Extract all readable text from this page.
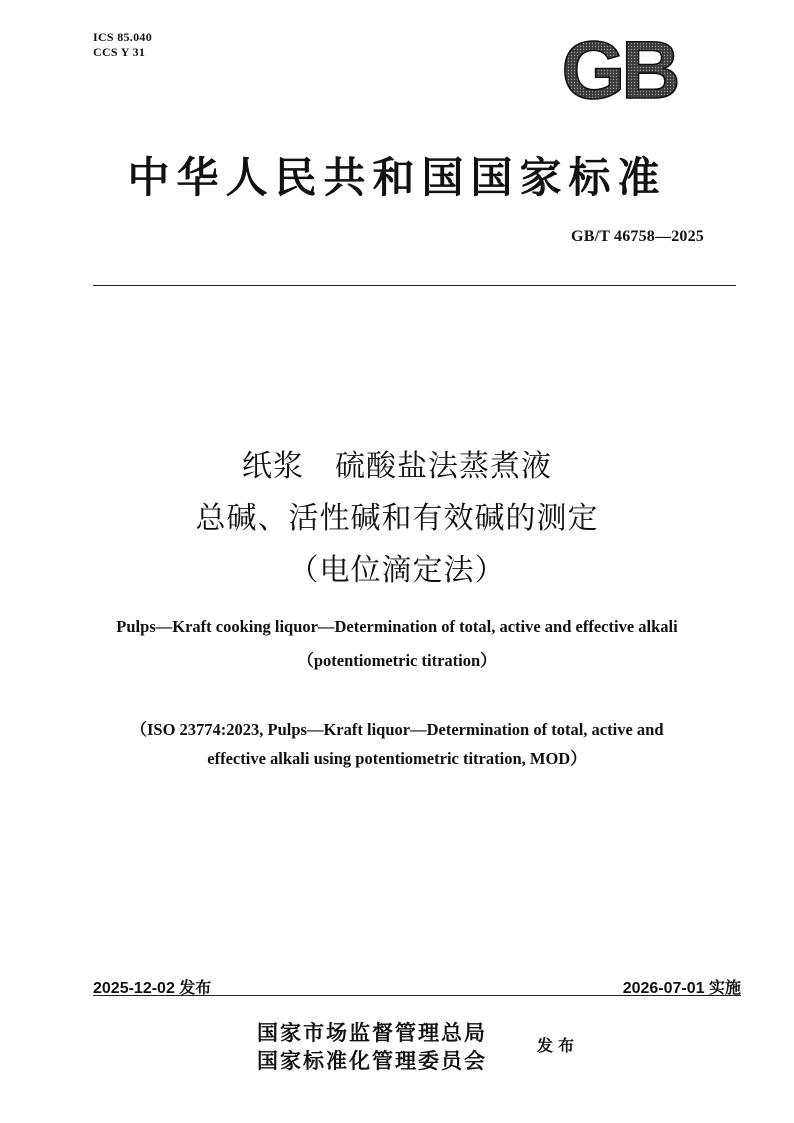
ICS 85.040
CCS Y 31	GB
中华人民共和国国家标准
GB/T 46758—2025
纸浆　硫酸盐法蒸煮液
总碱、活性碱和有效碱的测定
（电位滴定法）
Pulps—Kraft cooking liquor—Determination of total, active and effective alkali
（potentiometric titration）
（ISO 23774:2023, Pulps—Kraft liquor—Determination of total, active and
effective alkali using potentiometric titration, MOD）
2025-12-02 发布	2026-07-01 实施
国家市场监督管理总局
国家标准化管理委员会
发布
